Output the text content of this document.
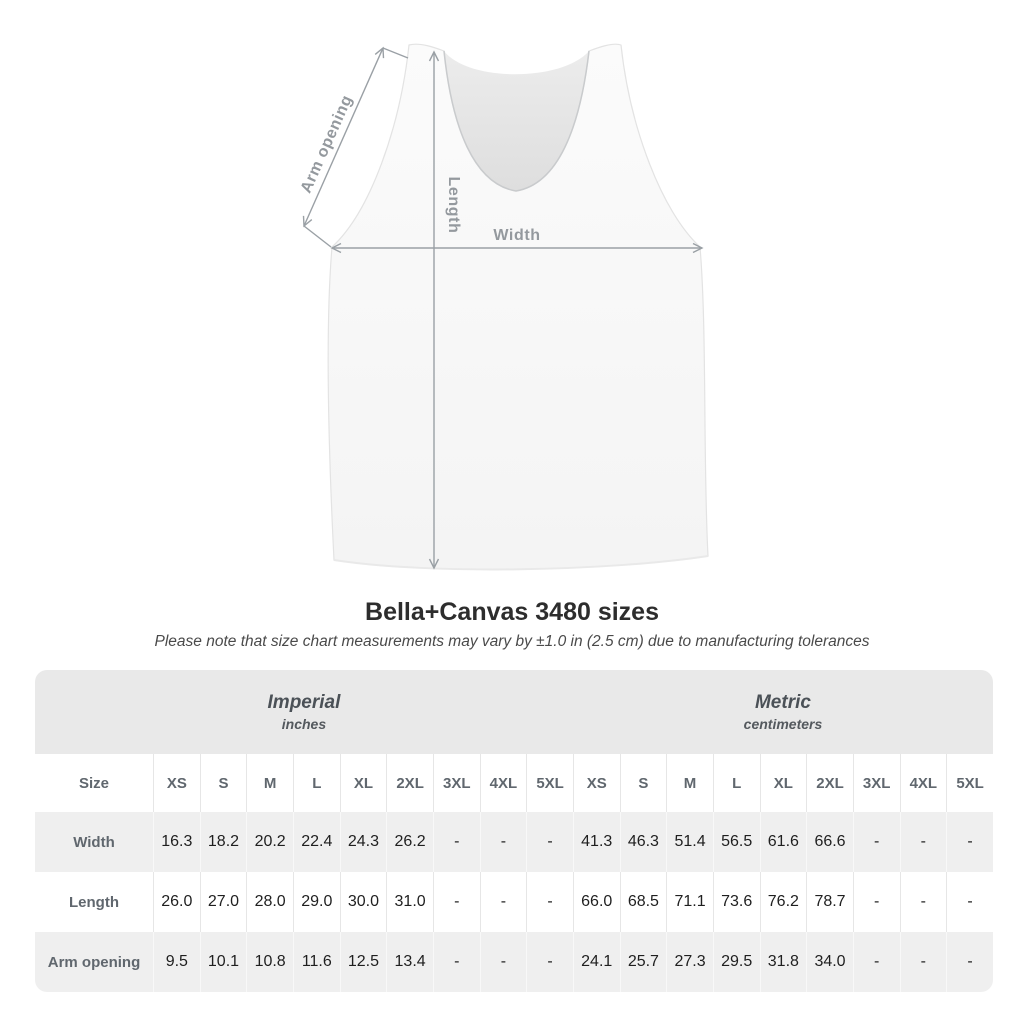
Arm opening
Length
Width
Bella+Canvas 3480 sizes
Please note that size chart measurements may vary by ±1.0 in (2.5 cm) due to manufacturing tolerances
Imperial
inches

Metric
centimeters

Size	XS	S	M	L	XL	2XL	3XL	4XL	5XL	XS	S	M	L	XL	2XL	3XL	4XL	5XL
Width	16.3	18.2	20.2	22.4	24.3	26.2	-	-	-	41.3	46.3	51.4	56.5	61.6	66.6	-	-	-
Length	26.0	27.0	28.0	29.0	30.0	31.0	-	-	-	66.0	68.5	71.1	73.6	76.2	78.7	-	-	-
Arm opening	9.5	10.1	10.8	11.6	12.5	13.4	-	-	-	24.1	25.7	27.3	29.5	31.8	34.0	-	-	-
